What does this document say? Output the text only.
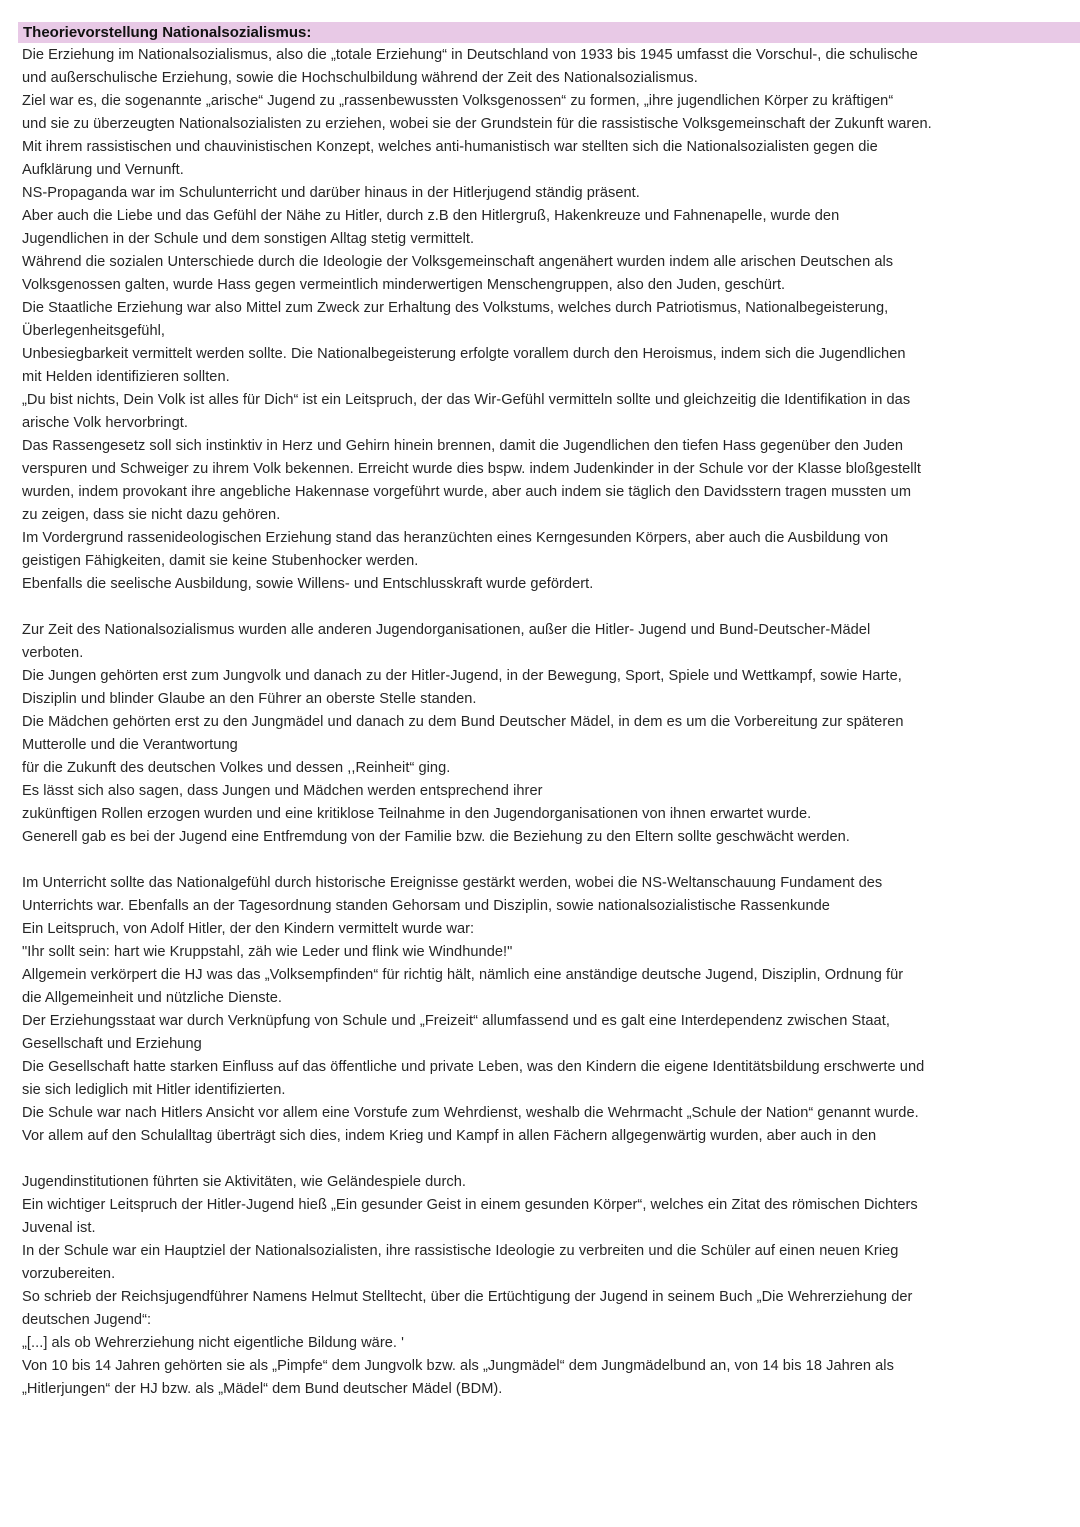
Theorievorstellung Nationalsozialismus:
Die Erziehung im Nationalsozialismus, also die „totale Erziehung“ in Deutschland von 1933 bis 1945 umfasst die Vorschul-, die schulische
und außerschulische Erziehung, sowie die Hochschulbildung während der Zeit des Nationalsozialismus.
Ziel war es, die sogenannte „arische“ Jugend zu „rassenbewussten Volksgenossen“ zu formen, „ihre jugendlichen Körper zu kräftigen“
und sie zu überzeugten Nationalsozialisten zu erziehen, wobei sie der Grundstein für die rassistische Volksgemeinschaft der Zukunft waren.
Mit ihrem rassistischen und chauvinistischen Konzept, welches anti-humanistisch war stellten sich die Nationalsozialisten gegen die
Aufklärung und Vernunft.
NS-Propaganda war im Schulunterricht und darüber hinaus in der Hitlerjugend ständig präsent.
Aber auch die Liebe und das Gefühl der Nähe zu Hitler, durch z.B den Hitlergruß, Hakenkreuze und Fahnenapelle, wurde den
Jugendlichen in der Schule und dem sonstigen Alltag stetig vermittelt.
Während die sozialen Unterschiede durch die Ideologie der Volksgemeinschaft angenähert wurden indem alle arischen Deutschen als
Volksgenossen galten, wurde Hass gegen vermeintlich minderwertigen Menschengruppen, also den Juden, geschürt.
Die Staatliche Erziehung war also Mittel zum Zweck zur Erhaltung des Volkstums, welches durch Patriotismus, Nationalbegeisterung,
Überlegenheitsgefühl,
Unbesiegbarkeit vermittelt werden sollte. Die Nationalbegeisterung erfolgte vorallem durch den Heroismus, indem sich die Jugendlichen
mit Helden identifizieren sollten.
„Du bist nichts, Dein Volk ist alles für Dich“ ist ein Leitspruch, der das Wir-Gefühl vermitteln sollte und gleichzeitig die Identifikation in das
arische Volk hervorbringt.
Das Rassengesetz soll sich instinktiv in Herz und Gehirn hinein brennen, damit die Jugendlichen den tiefen Hass gegenüber den Juden
verspuren und Schweiger zu ihrem Volk bekennen. Erreicht wurde dies bspw. indem Judenkinder in der Schule vor der Klasse bloßgestellt
wurden, indem provokant ihre angebliche Hakennase vorgeführt wurde, aber auch indem sie täglich den Davidsstern tragen mussten um
zu zeigen, dass sie nicht dazu gehören.
Im Vordergrund rassenideologischen Erziehung stand das heranzüchten eines Kerngesunden Körpers, aber auch die Ausbildung von
geistigen Fähigkeiten, damit sie keine Stubenhocker werden.
Ebenfalls die seelische Ausbildung, sowie Willens- und Entschlusskraft wurde gefördert.
Zur Zeit des Nationalsozialismus wurden alle anderen Jugendorganisationen, außer die Hitler- Jugend und Bund-Deutscher-Mädel
verboten.
Die Jungen gehörten erst zum Jungvolk und danach zu der Hitler-Jugend, in der Bewegung, Sport, Spiele und Wettkampf, sowie Harte,
Disziplin und blinder Glaube an den Führer an oberste Stelle standen.
Die Mädchen gehörten erst zu den Jungmädel und danach zu dem Bund Deutscher Mädel, in dem es um die Vorbereitung zur späteren
Mutterolle und die Verantwortung
für die Zukunft des deutschen Volkes und dessen ,,Reinheit“ ging.
Es lässt sich also sagen, dass Jungen und Mädchen werden entsprechend ihrer
zukünftigen Rollen erzogen wurden und eine kritiklose Teilnahme in den Jugendorganisationen von ihnen erwartet wurde.
Generell gab es bei der Jugend eine Entfremdung von der Familie bzw. die Beziehung zu den Eltern sollte geschwächt werden.
Im Unterricht sollte das Nationalgefühl durch historische Ereignisse gestärkt werden, wobei die NS-Weltanschauung Fundament des
Unterrichts war. Ebenfalls an der Tagesordnung standen Gehorsam und Disziplin, sowie nationalsozialistische Rassenkunde
Ein Leitspruch, von Adolf Hitler, der den Kindern vermittelt wurde war:
"Ihr sollt sein: hart wie Kruppstahl, zäh wie Leder und flink wie Windhunde!"
Allgemein verkörpert die HJ was das „Volksempfinden“ für richtig hält, nämlich eine anständige deutsche Jugend, Disziplin, Ordnung für
die Allgemeinheit und nützliche Dienste.
Der Erziehungsstaat war durch Verknüpfung von Schule und „Freizeit“ allumfassend und es galt eine Interdependenz zwischen Staat,
Gesellschaft und Erziehung
Die Gesellschaft hatte starken Einfluss auf das öffentliche und private Leben, was den Kindern die eigene Identitätsbildung erschwerte und
sie sich lediglich mit Hitler identifizierten.
Die Schule war nach Hitlers Ansicht vor allem eine Vorstufe zum Wehrdienst, weshalb die Wehrmacht „Schule der Nation“ genannt wurde.
Vor allem auf den Schulalltag überträgt sich dies, indem Krieg und Kampf in allen Fächern allgegenwärtig wurden, aber auch in den
Jugendinstitutionen führten sie Aktivitäten, wie Geländespiele durch.
Ein wichtiger Leitspruch der Hitler-Jugend hieß „Ein gesunder Geist in einem gesunden Körper“, welches ein Zitat des römischen Dichters
Juvenal ist.
In der Schule war ein Hauptziel der Nationalsozialisten, ihre rassistische Ideologie zu verbreiten und die Schüler auf einen neuen Krieg
vorzubereiten.
So schrieb der Reichsjugendführer Namens Helmut Stelltecht, über die Ertüchtigung der Jugend in seinem Buch „Die Wehrerziehung der
deutschen Jugend“:
„[...] als ob Wehrerziehung nicht eigentliche Bildung wäre. '
Von 10 bis 14 Jahren gehörten sie als „Pimpfe“ dem Jungvolk bzw. als „Jungmädel“ dem Jungmädelbund an, von 14 bis 18 Jahren als
„Hitlerjungen“ der HJ bzw. als „Mädel“ dem Bund deutscher Mädel (BDM).
